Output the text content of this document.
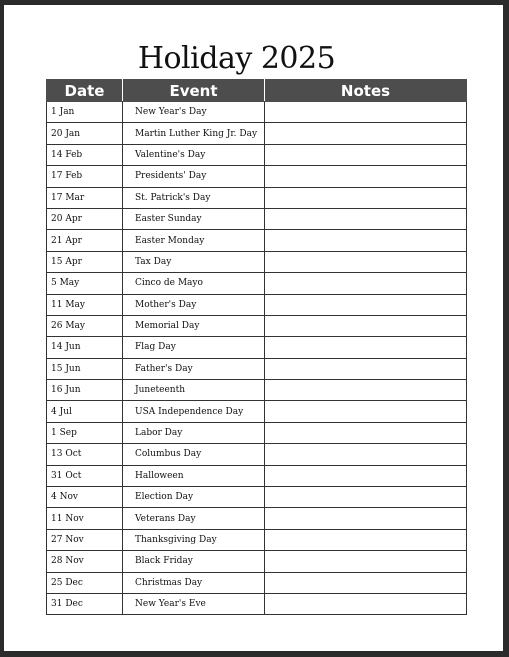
Holiday 2025
Date	Event	Notes
1 Jan	New Year's Day	
20 Jan	Martin Luther King Jr. Day	
14 Feb	Valentine's Day	
17 Feb	Presidents' Day	
17 Mar	St. Patrick's Day	
20 Apr	Easter Sunday	
21 Apr	Easter Monday	
15 Apr	Tax Day	
5 May	Cinco de Mayo	
11 May	Mother's Day	
26 May	Memorial Day	
14 Jun	Flag Day	
15 Jun	Father's Day	
16 Jun	Juneteenth	
4 Jul	USA Independence Day	
1 Sep	Labor Day	
13 Oct	Columbus Day	
31 Oct	Halloween	
4 Nov	Election Day	
11 Nov	Veterans Day	
27 Nov	Thanksgiving Day	
28 Nov	Black Friday	
25 Dec	Christmas Day	
31 Dec	New Year's Eve	
